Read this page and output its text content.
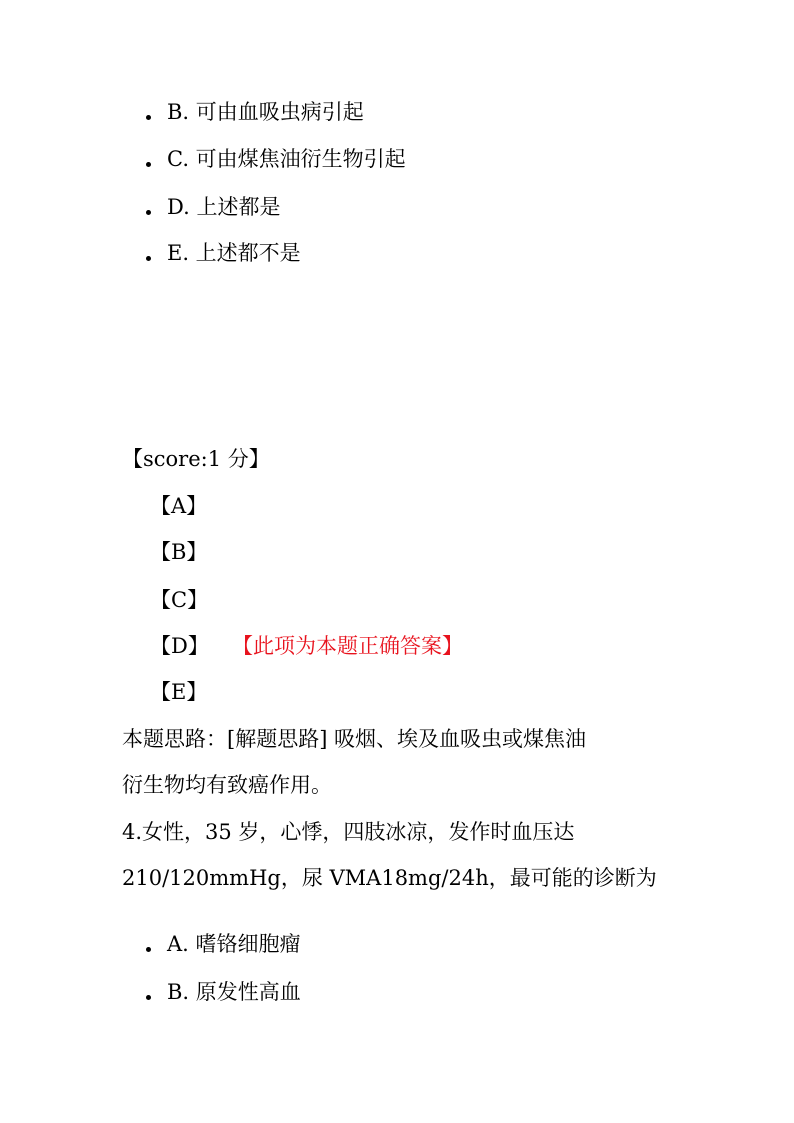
B. 可由血吸虫病引起
C. 可由煤焦油衍生物引起
D. 上述都是
E. 上述都不是
【score:1 分】
【A】
【B】
【C】
【D】 【此项为本题正确答案】
【E】
本题思路：[解题思路] 吸烟、埃及血吸虫或煤焦油
衍生物均有致癌作用。
4.女性，35 岁，心悸，四肢冰凉，发作时血压达
210/120mmHg，尿 VMA18mg/24h，最可能的诊断为
A. 嗜铬细胞瘤
B. 原发性高血
